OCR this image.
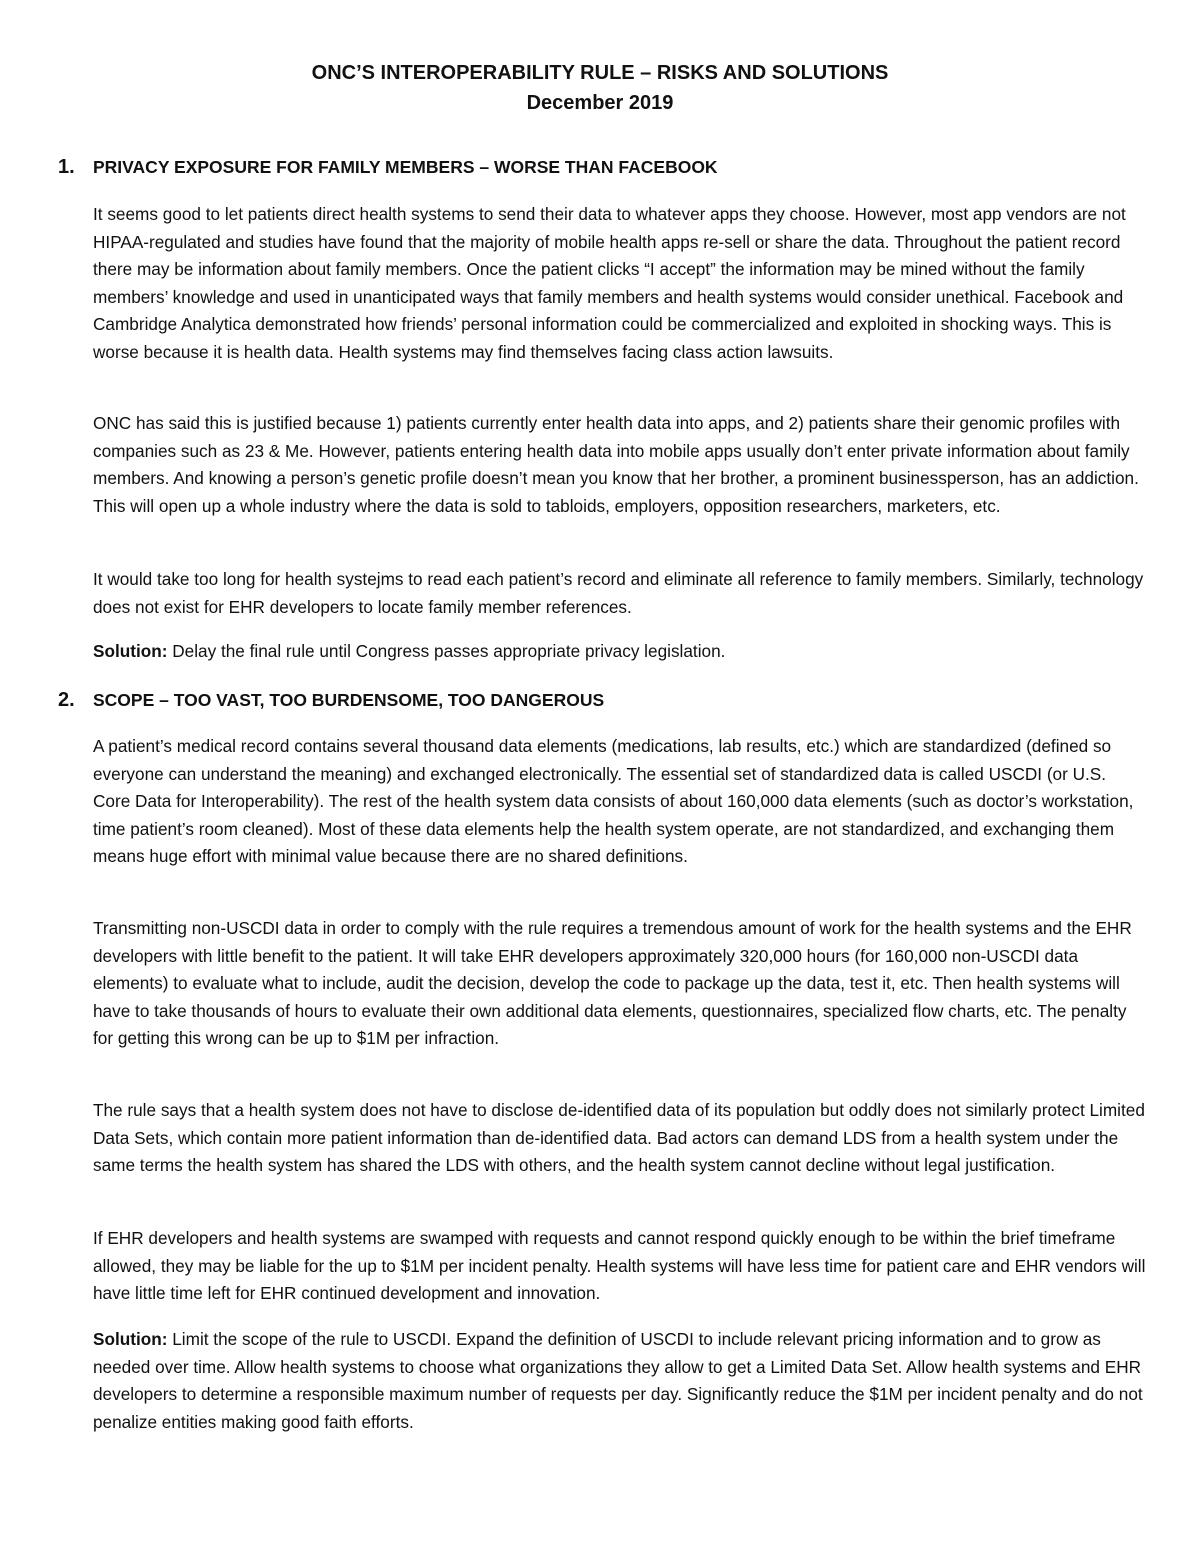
ONC’S INTEROPERABILITY RULE – RISKS AND SOLUTIONS
December 2019
1. PRIVACY EXPOSURE FOR FAMILY MEMBERS – WORSE THAN FACEBOOK

It seems good to let patients direct health systems to send their data to whatever apps they choose. However, most app vendors are not HIPAA-regulated and studies have found that the majority of mobile health apps re-sell or share the data. Throughout the patient record there may be information about family members. Once the patient clicks “I accept” the information may be mined without the family members’ knowledge and used in unanticipated ways that family members and health systems would consider unethical. Facebook and Cambridge Analytica demonstrated how friends’ personal information could be commercialized and exploited in shocking ways. This is worse because it is health data. Health systems may find themselves facing class action lawsuits.

ONC has said this is justified because 1) patients currently enter health data into apps, and 2) patients share their genomic profiles with companies such as 23 & Me. However, patients entering health data into mobile apps usually don’t enter private information about family members. And knowing a person’s genetic profile doesn’t mean you know that her brother, a prominent businessperson, has an addiction. This will open up a whole industry where the data is sold to tabloids, employers, opposition researchers, marketers, etc.

It would take too long for health systejms to read each patient’s record and eliminate all reference to family members. Similarly, technology does not exist for EHR developers to locate family member references.

Solution: Delay the final rule until Congress passes appropriate privacy legislation.

2. SCOPE – TOO VAST, TOO BURDENSOME, TOO DANGEROUS

A patient’s medical record contains several thousand data elements (medications, lab results, etc.) which are standardized (defined so everyone can understand the meaning) and exchanged electronically. The essential set of standardized data is called USCDI (or U.S. Core Data for Interoperability). The rest of the health system data consists of about 160,000 data elements (such as doctor’s workstation, time patient’s room cleaned). Most of these data elements help the health system operate, are not standardized, and exchanging them means huge effort with minimal value because there are no shared definitions.

Transmitting non-USCDI data in order to comply with the rule requires a tremendous amount of work for the health systems and the EHR developers with little benefit to the patient. It will take EHR developers approximately 320,000 hours (for 160,000 non-USCDI data elements) to evaluate what to include, audit the decision, develop the code to package up the data, test it, etc. Then health systems will have to take thousands of hours to evaluate their own additional data elements, questionnaires, specialized flow charts, etc. The penalty for getting this wrong can be up to $1M per infraction.

The rule says that a health system does not have to disclose de-identified data of its population but oddly does not similarly protect Limited Data Sets, which contain more patient information than de-identified data. Bad actors can demand LDS from a health system under the same terms the health system has shared the LDS with others, and the health system cannot decline without legal justification.

If EHR developers and health systems are swamped with requests and cannot respond quickly enough to be within the brief timeframe allowed, they may be liable for the up to $1M per incident penalty. Health systems will have less time for patient care and EHR vendors will have little time left for EHR continued development and innovation.

Solution: Limit the scope of the rule to USCDI. Expand the definition of USCDI to include relevant pricing information and to grow as needed over time. Allow health systems to choose what organizations they allow to get a Limited Data Set. Allow health systems and EHR developers to determine a responsible maximum number of requests per day. Significantly reduce the $1M per incident penalty and do not penalize entities making good faith efforts.
